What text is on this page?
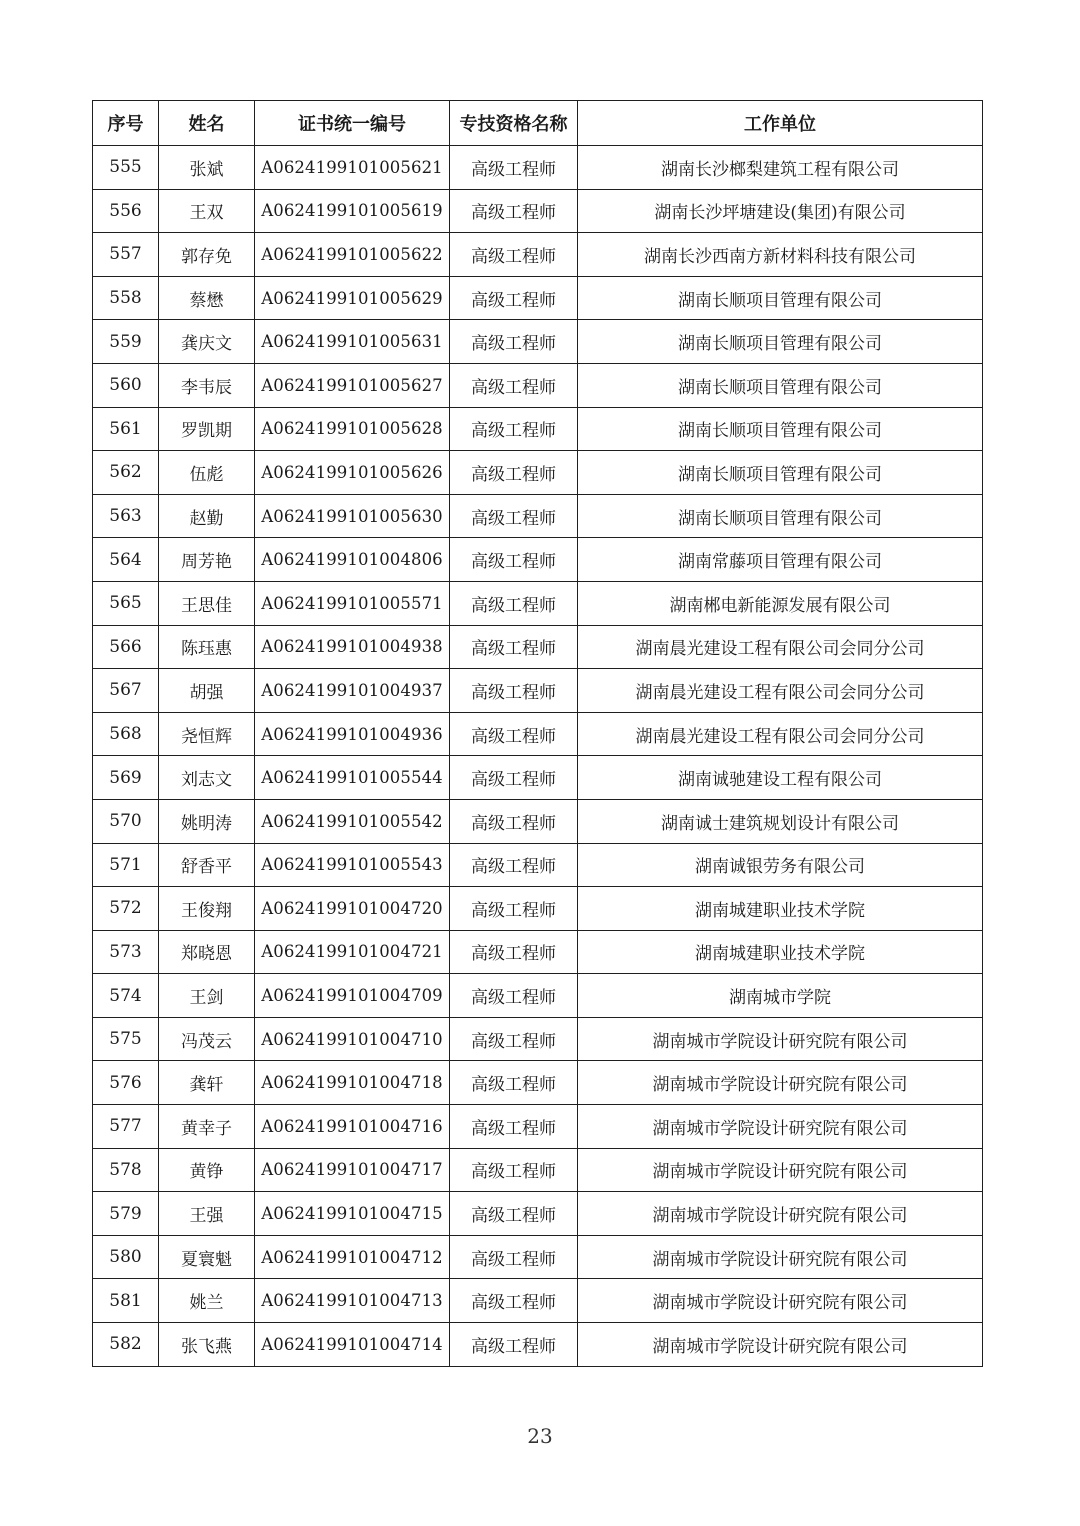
序号	姓名	证书统一编号	专技资格名称	工作单位
555	张斌	A0624199101005621	高级工程师	湖南长沙榔梨建筑工程有限公司
556	王双	A0624199101005619	高级工程师	湖南长沙坪塘建设(集团)有限公司
557	郭存免	A0624199101005622	高级工程师	湖南长沙西南方新材料科技有限公司
558	蔡懋	A0624199101005629	高级工程师	湖南长顺项目管理有限公司
559	龚庆文	A0624199101005631	高级工程师	湖南长顺项目管理有限公司
560	李韦辰	A0624199101005627	高级工程师	湖南长顺项目管理有限公司
561	罗凯期	A0624199101005628	高级工程师	湖南长顺项目管理有限公司
562	伍彪	A0624199101005626	高级工程师	湖南长顺项目管理有限公司
563	赵勤	A0624199101005630	高级工程师	湖南长顺项目管理有限公司
564	周芳艳	A0624199101004806	高级工程师	湖南常藤项目管理有限公司
565	王思佳	A0624199101005571	高级工程师	湖南郴电新能源发展有限公司
566	陈珏惠	A0624199101004938	高级工程师	湖南晨光建设工程有限公司会同分公司
567	胡强	A0624199101004937	高级工程师	湖南晨光建设工程有限公司会同分公司
568	尧恒辉	A0624199101004936	高级工程师	湖南晨光建设工程有限公司会同分公司
569	刘志文	A0624199101005544	高级工程师	湖南诚驰建设工程有限公司
570	姚明涛	A0624199101005542	高级工程师	湖南诚士建筑规划设计有限公司
571	舒香平	A0624199101005543	高级工程师	湖南诚银劳务有限公司
572	王俊翔	A0624199101004720	高级工程师	湖南城建职业技术学院
573	郑晓恩	A0624199101004721	高级工程师	湖南城建职业技术学院
574	王剑	A0624199101004709	高级工程师	湖南城市学院
575	冯茂云	A0624199101004710	高级工程师	湖南城市学院设计研究院有限公司
576	龚轩	A0624199101004718	高级工程师	湖南城市学院设计研究院有限公司
577	黄幸子	A0624199101004716	高级工程师	湖南城市学院设计研究院有限公司
578	黄铮	A0624199101004717	高级工程师	湖南城市学院设计研究院有限公司
579	王强	A0624199101004715	高级工程师	湖南城市学院设计研究院有限公司
580	夏寰魁	A0624199101004712	高级工程师	湖南城市学院设计研究院有限公司
581	姚兰	A0624199101004713	高级工程师	湖南城市学院设计研究院有限公司
582	张飞燕	A0624199101004714	高级工程师	湖南城市学院设计研究院有限公司
23
